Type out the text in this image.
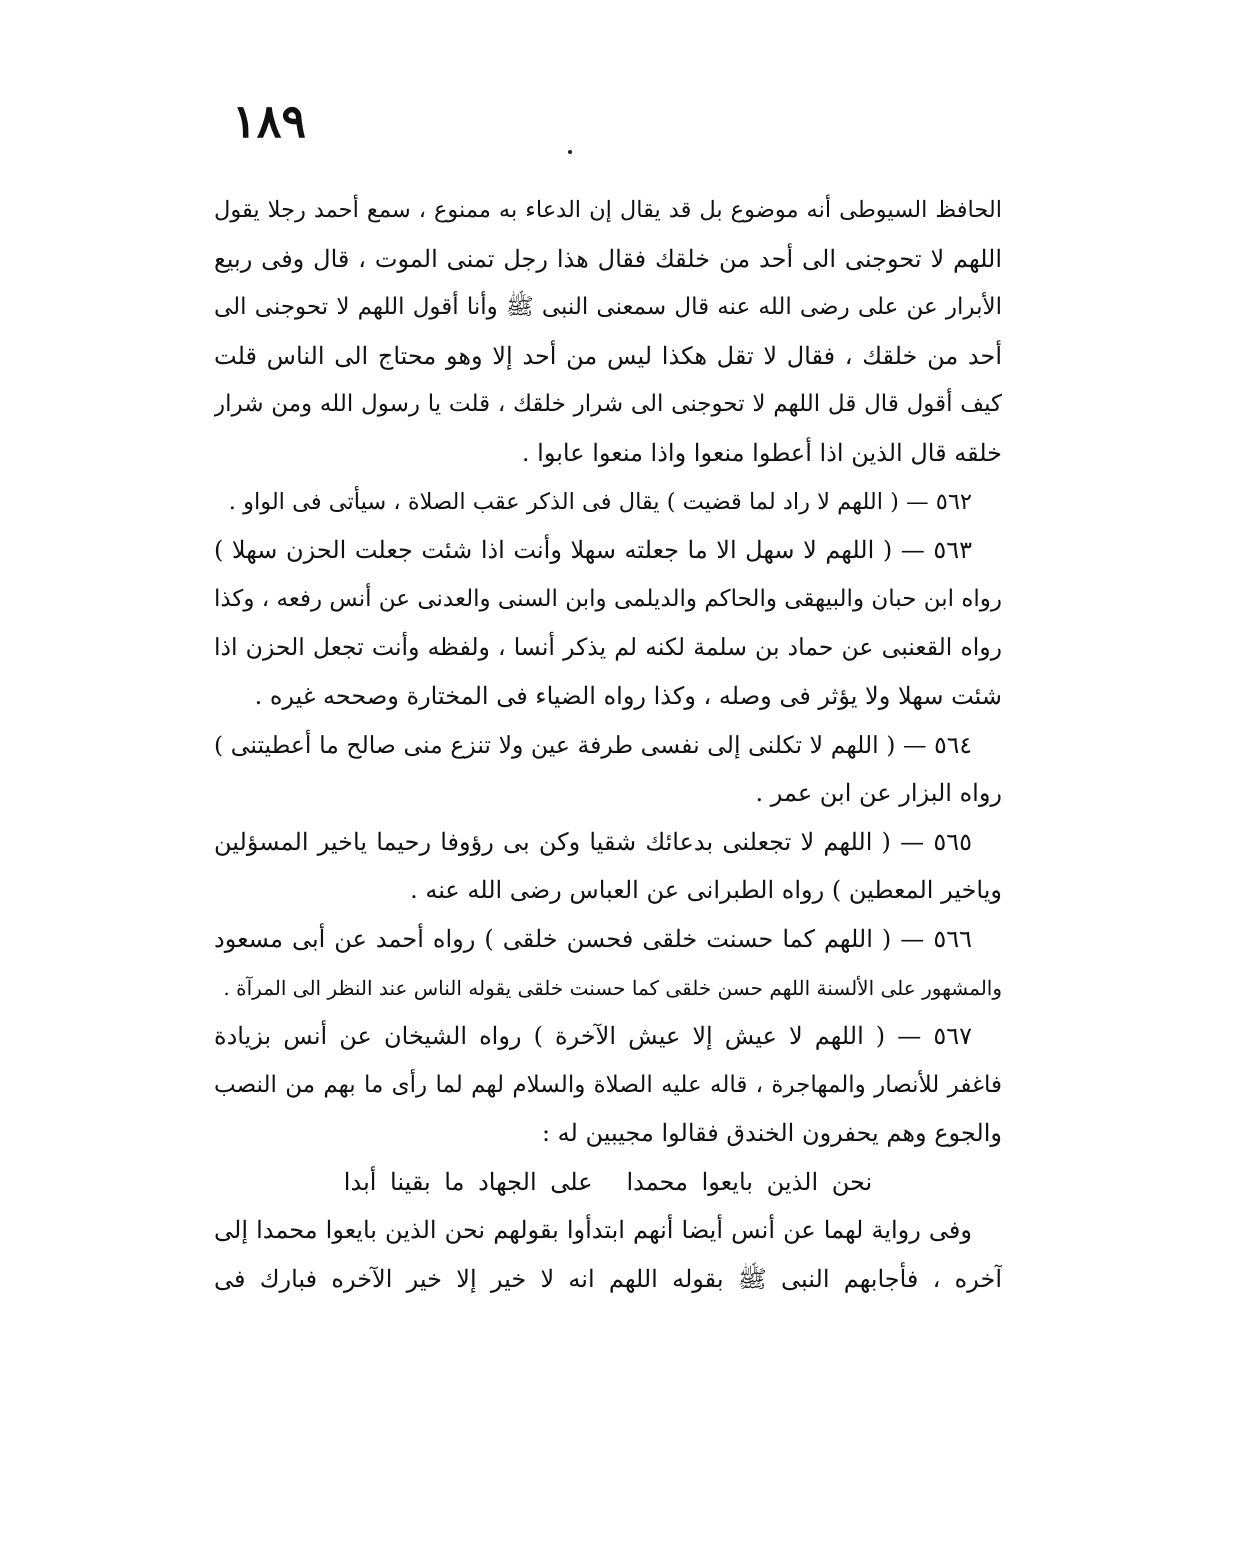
١٨٩
الحافظ السيوطى أنه موضوع بل قد يقال إن الدعاء به ممنوع ، سمع أحمد رجلا يقول
اللهم لا تحوجنى الى أحد من خلقك فقال هذا رجل تمنى الموت ، قال وفى ربيع
الأبرار عن على رضى الله عنه قال سمعنى النبى ﷺ وأنا أقول اللهم لا تحوجنى الى
أحد من خلقك ، فقال لا تقل هكذا ليس من أحد إلا وهو محتاج الى الناس قلت
كيف أقول قال قل اللهم لا تحوجنى الى شرار خلقك ، قلت يا رسول الله ومن شرار
خلقه قال الذين اذا أعطوا منعوا واذا منعوا عابوا .
٥٦٢ — ( اللهم لا راد لما قضيت ) يقال فى الذكر عقب الصلاة ، سيأتى فى الواو .
٥٦٣ — ( اللهم لا سهل الا ما جعلته سهلا وأنت اذا شئت جعلت الحزن سهلا )
رواه ابن حبان والبيهقى والحاكم والديلمى وابن السنى والعدنى عن أنس رفعه ، وكذا
رواه القعنبى عن حماد بن سلمة لكنه لم يذكر أنسا ، ولفظه وأنت تجعل الحزن اذا
شئت سهلا ولا يؤثر فى وصله ، وكذا رواه الضياء فى المختارة وصححه غيره .
٥٦٤ — ( اللهم لا تكلنى إلى نفسى طرفة عين ولا تنزع منى صالح ما أعطيتنى )
رواه البزار عن ابن عمر .
٥٦٥ — ( اللهم لا تجعلنى بدعائك شقيا وكن بى رؤوفا رحيما ياخير المسؤلين
وياخير المعطين ) رواه الطبرانى عن العباس رضى الله عنه .
٥٦٦ — ( اللهم كما حسنت خلقى فحسن خلقى ) رواه أحمد عن أبى مسعود
والمشهور على الألسنة اللهم حسن خلقى كما حسنت خلقى يقوله الناس عند النظر الى المرآة .
٥٦٧ — ( اللهم لا عيش إلا عيش الآخرة ) رواه الشيخان عن أنس بزيادة
فاغفر للأنصار والمهاجرة ، قاله عليه الصلاة والسلام لهم لما رأى ما بهم من النصب
والجوع وهم يحفرون الخندق فقالوا مجيبين له :
نحن الذين بايعوا محمداعلى الجهاد ما بقينا أبدا
وفى رواية لهما عن أنس أيضا أنهم ابتدأوا بقولهم نحن الذين بايعوا محمدا إلى
آخره ، فأجابهم النبى ﷺ بقوله اللهم انه لا خير إلا خير الآخره فبارك فى
